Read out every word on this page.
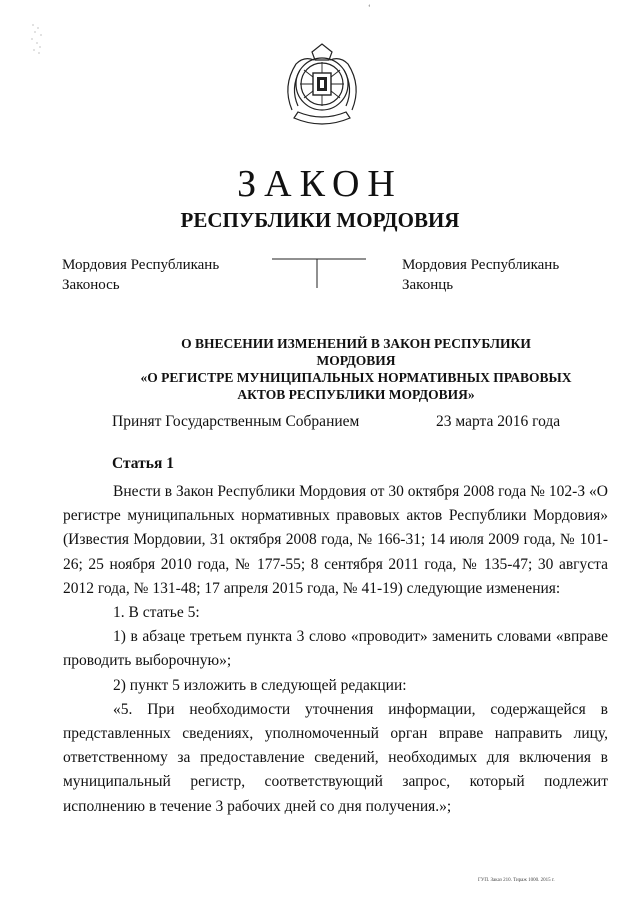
ʻ
ЗАКОН
РЕСПУБЛИКИ МОРДОВИЯ
Мордовия Республикань
Законось
Мордовия Республикань
Законць
О ВНЕСЕНИИ ИЗМЕНЕНИЙ В ЗАКОН РЕСПУБЛИКИ МОРДОВИЯ
«О РЕГИСТРЕ МУНИЦИПАЛЬНЫХ НОРМАТИВНЫХ ПРАВОВЫХ
АКТОВ РЕСПУБЛИКИ МОРДОВИЯ»
Принят Государственным Собранием	23 марта 2016 года
Статья 1

Внести в Закон Республики Мордовия от 30 октября 2008 года № 102-З «О регистре муниципальных нормативных правовых актов Республики Мордовия» (Известия Мордовии, 31 октября 2008 года, № 166-31; 14 июля 2009 года, № 101-26; 25 ноября 2010 года, № 177-55; 8 сентября 2011 года, № 135-47; 30 августа 2012 года, № 131-48; 17 апреля 2015 года, № 41-19) следующие изменения:

1. В статье 5:

1) в абзаце третьем пункта 3 слово «проводит» заменить словами «вправе проводить выборочную»;

2) пункт 5 изложить в следующей редакции:

«5. При необходимости уточнения информации, содержащейся в представленных сведениях, уполномоченный орган вправе направить лицу, ответственному за предоставление сведений, необходимых для включения в муниципальный регистр, соответствующий запрос, который подлежит исполнению в течение 3 рабочих дней со дня получения.»;

ГУП. Заказ 210. Тираж 1000. 2015 г.
